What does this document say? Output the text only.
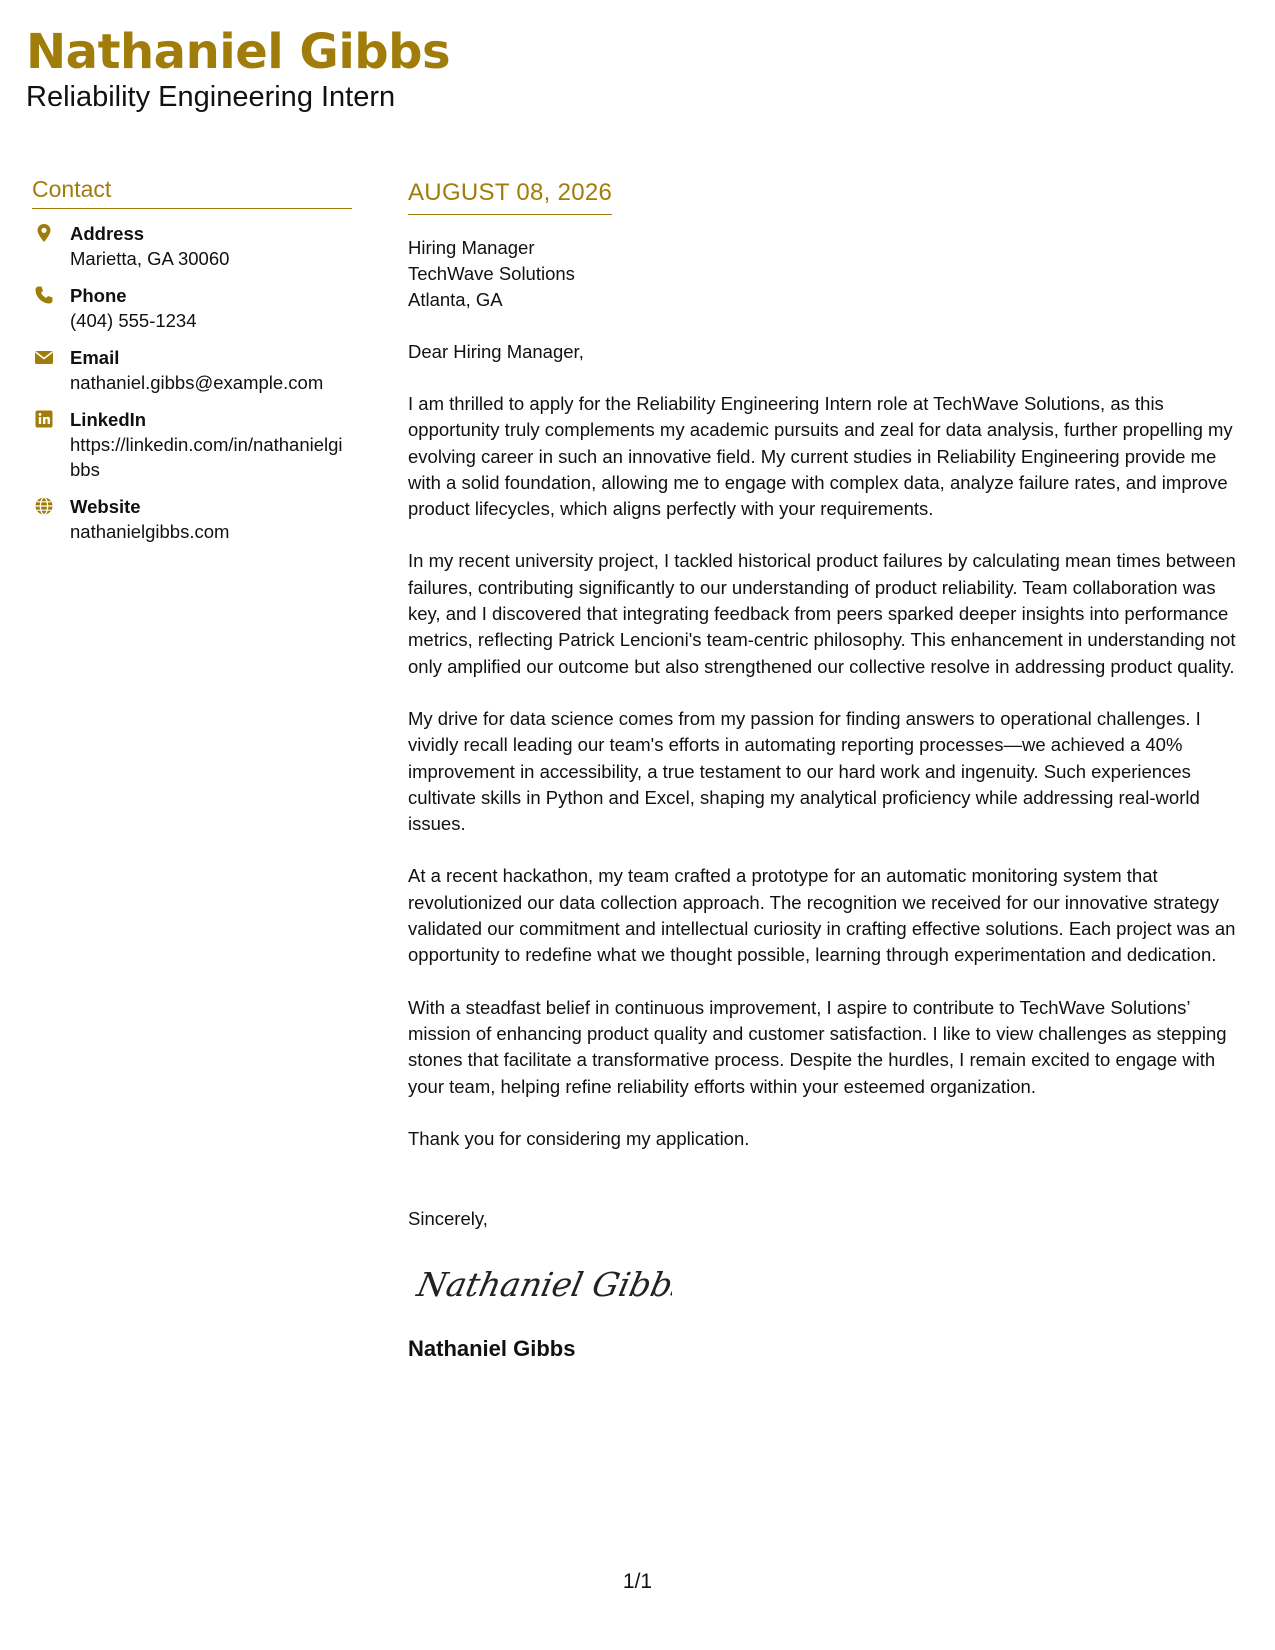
Nathaniel Gibbs
Reliability Engineering Intern
Contact
Address
Marietta, GA 30060
Phone
(404) 555-1234
Email
nathaniel.gibbs@example.com
LinkedIn
https://linkedin.com/in/nathanielgibbs
Website
nathanielgibbs.com
AUGUST 08, 2026
Hiring Manager
TechWave Solutions
Atlanta, GA
Dear Hiring Manager,
I am thrilled to apply for the Reliability Engineering Intern role at TechWave Solutions, as this opportunity truly complements my academic pursuits and zeal for data analysis, further propelling my evolving career in such an innovative field. My current studies in Reliability Engineering provide me with a solid foundation, allowing me to engage with complex data, analyze failure rates, and improve product lifecycles, which aligns perfectly with your requirements.
In my recent university project, I tackled historical product failures by calculating mean times between failures, contributing significantly to our understanding of product reliability. Team collaboration was key, and I discovered that integrating feedback from peers sparked deeper insights into performance metrics, reflecting Patrick Lencioni's team-centric philosophy. This enhancement in understanding not only amplified our outcome but also strengthened our collective resolve in addressing product quality.
My drive for data science comes from my passion for finding answers to operational challenges. I vividly recall leading our team's efforts in automating reporting processes—we achieved a 40% improvement in accessibility, a true testament to our hard work and ingenuity. Such experiences cultivate skills in Python and Excel, shaping my analytical proficiency while addressing real-world issues.
At a recent hackathon, my team crafted a prototype for an automatic monitoring system that revolutionized our data collection approach. The recognition we received for our innovative strategy validated our commitment and intellectual curiosity in crafting effective solutions. Each project was an opportunity to redefine what we thought possible, learning through experimentation and dedication.
With a steadfast belief in continuous improvement, I aspire to contribute to TechWave Solutions’ mission of enhancing product quality and customer satisfaction. I like to view challenges as stepping stones that facilitate a transformative process. Despite the hurdles, I remain excited to engage with your team, helping refine reliability efforts within your esteemed organization.
Thank you for considering my application.
Sincerely,
Nathaniel Gibbs
Nathaniel Gibbs
1/1
